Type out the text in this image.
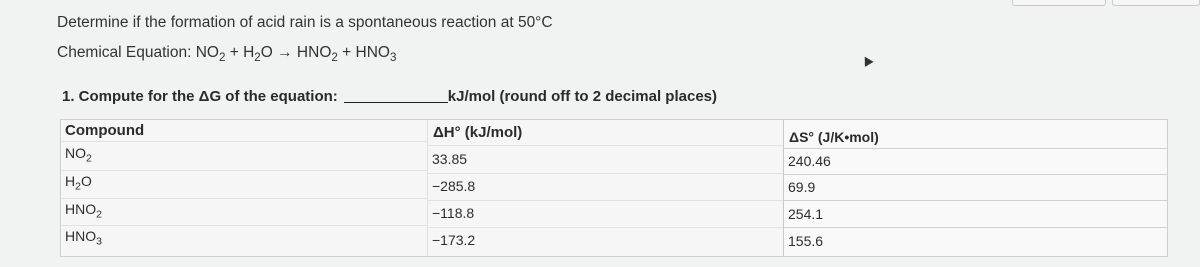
Determine if the formation of acid rain is a spontaneous reaction at 50°C
Chemical Equation: $NO_2 + H_2O \to HNO_2 + HNO_3$
1. Compute for the ΔG of the equation:	kJ/mol (round off to 2 decimal places)
Compound
$NO_2$
$H_2O$
$HNO_2$
$HNO_3$
ΔH° (kJ/mol)
33.85
−285.8
−118.8
−173.2
ΔS° (J/K•mol)
240.46
69.9
254.1
155.6
